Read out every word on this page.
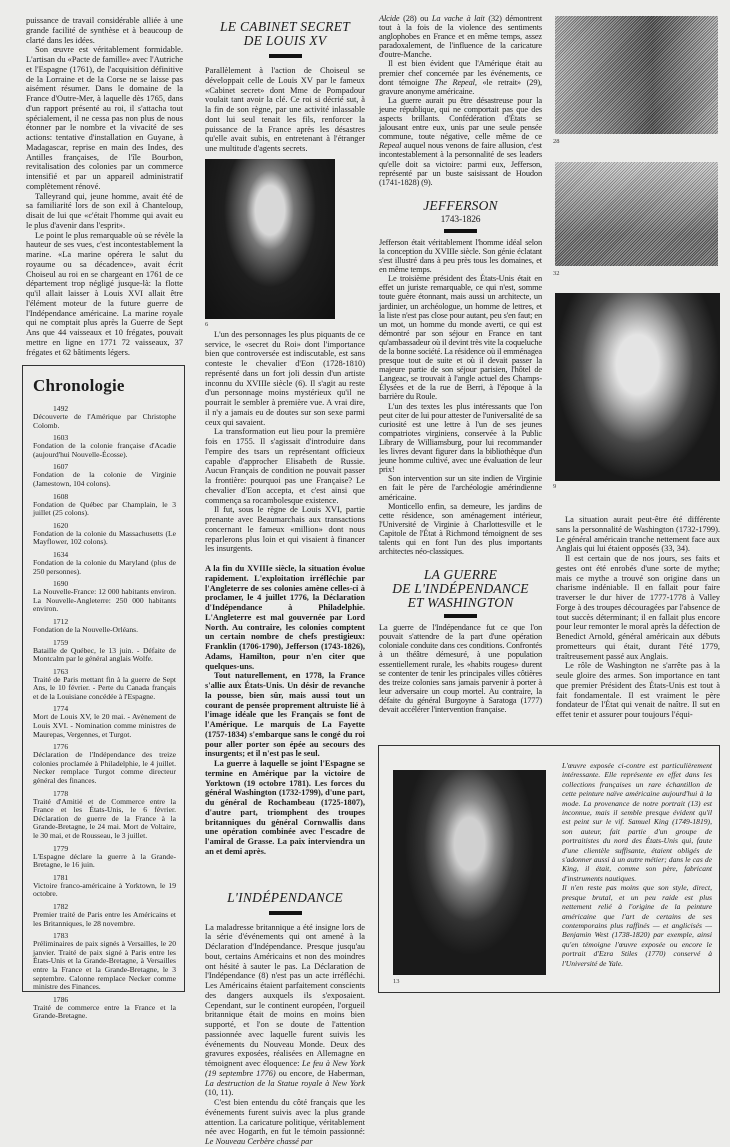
puissance de travail considérable alliée à une grande facilité de synthèse et à beaucoup de clarté dans les idées.

Son œuvre est véritablement formidable. L'artisan du «Pacte de famille» avec l'Autriche et l'Espagne (1761), de l'acquisition définitive de la Lorraine et de la Corse ne se laisse pas aisément résumer. Dans le domaine de la France d'Outre-Mer, à laquelle dès 1765, dans d'un rapport présenté au roi, il s'attacha tout spécialement, il ne cessa pas non plus de nous étonner par le nombre et la vivacité de ses actions: tentative d'installation en Guyane, à Madagascar, reprise en main des Indes, des Antilles françaises, de l'île Bourbon, revitalisation des colonies par un commerce intensifié et par un appareil administratif complètement rénové.

Talleyrand qui, jeune homme, avait été de sa familiarité lors de son exil à Chanteloup, disait de lui que «c'était l'homme qui avait eu le plus d'avenir dans l'esprit».

Le point le plus remarquable où se révèle la hauteur de ses vues, c'est incontestablement la marine. «La marine opérera le salut du royaume ou sa décadence», avait écrit Choiseul au roi en se chargeant en 1761 de ce département trop négligé jusque-là: la flotte qu'il allait laisser à Louis XVI allait être l'élément moteur de la future guerre de l'Indépendance américaine. La marine royale qui ne comptait plus après la Guerre de Sept Ans que 44 vaisseaux et 10 frégates, pouvait mettre en ligne en 1771 72 vaisseaux, 37 frégates et 62 bâtiments légers.

Chronologie
1492
Découverte de l'Amérique par Christophe Colomb.
1603
Fondation de la colonie française d'Acadie (aujourd'hui Nouvelle-Écosse).
1607
Fondation de la colonie de Virginie (Jamestown, 104 colons).
1608
Fondation de Québec par Champlain, le 3 juillet (25 colons).
1620
Fondation de la colonie du Massachusetts (Le Mayflower, 102 colons).
1634
Fondation de la colonie du Maryland (plus de 250 personnes).
1690
La Nouvelle-France: 12 000 habitants environ. La Nouvelle-Angleterre: 250 000 habitants environ.
1712
Fondation de la Nouvelle-Orléans.
1759
Bataille de Québec, le 13 juin. - Défaite de Montcalm par le général anglais Wolfe.
1763
Traité de Paris mettant fin à la guerre de Sept Ans, le 10 février. - Perte du Canada français et de la Louisiane concédée à l'Espagne.
1774
Mort de Louis XV, le 20 mai. - Avènement de Louis XVI. - Nomination comme ministres de Maurepas, Vergennes, et Turgot.
1776
Déclaration de l'Indépendance des treize colonies proclamée à Philadelphie, le 4 juillet. Necker remplace Turgot comme directeur général des finances.
1778
Traité d'Amitié et de Commerce entre la France et les États-Unis, le 6 février. Déclaration de guerre de la France à la Grande-Bretagne, le 24 mai. Mort de Voltaire, le 30 mai, et de Rousseau, le 3 juillet.
1779
L'Espagne déclare la guerre à la Grande-Bretagne, le 16 juin.
1781
Victoire franco-américaine à Yorktown, le 19 octobre.
1782
Premier traité de Paris entre les Américains et les Britanniques, le 28 novembre.
1783
Préliminaires de paix signés à Versailles, le 20 janvier. Traité de paix signé à Paris entre les États-Unis et la Grande-Bretagne, à Versailles entre la France et la Grande-Bretagne, le 3 septembre. Calonne remplace Necker comme ministre des Finances.
1786
Traité de commerce entre la France et la Grande-Bretagne.
LE CABINET SECRET
DE LOUIS XV

Parallèlement à l'action de Choiseul se développait celle de Louis XV par le fameux «Cabinet secret» dont Mme de Pompadour voulait tant avoir la clé. Ce roi si décrié sut, à la fin de son règne, par une activité inlassable dont lui seul tenait les fils, renforcer la puissance de la France après les désastres qu'elle avait subis, en entretenant à l'étranger une multitude d'agents secrets.

6

L'un des personnages les plus piquants de ce service, le «secret du Roi» dont l'importance bien que controversée est indiscutable, est sans conteste le chevalier d'Eon (1728-1810) représenté dans un fort joli dessin d'un artiste inconnu du XVIIIe siècle (6). Il s'agit au reste d'un personnage moins mystérieux qu'il ne pourrait le sembler à première vue. A vrai dire, il n'y a jamais eu de doutes sur son sexe parmi ceux qui savaient.

La transformation eut lieu pour la première fois en 1755. Il s'agissait d'introduire dans l'empire des tsars un représentant officieux capable d'approcher Elisabeth de Russie. Aucun Français de condition ne pouvait passer la frontière: pourquoi pas une Française? Le chevalier d'Eon accepta, et c'est ainsi que commença sa rocambolesque existence.

Il fut, sous le règne de Louis XVI, partie prenante avec Beaumarchais aux transactions concernant le fameux «million» dont nous reparlerons plus loin et qui visaient à financer les insurgents.

A la fin du XVIIIe siècle, la situation évolue rapidement. L'exploitation irréfléchie par l'Angleterre de ses colonies amène celles-ci à proclamer, le 4 juillet 1776, la Déclaration d'Indépendance à Philadelphie. L'Angleterre est mal gouvernée par Lord North. Au contraire, les colonies comptent un certain nombre de chefs prestigieux: Franklin (1706-1790), Jefferson (1743-1826), Adams, Hamilton, pour n'en citer que quelques-uns.

Tout naturellement, en 1778, la France s'allie aux États-Unis. Un désir de revanche la pousse, bien sûr, mais aussi tout un courant de pensée proprement altruiste lié à l'image idéale que les Français se font de l'Amérique. Le marquis de La Fayette (1757-1834) s'embarque sans le congé du roi pour aller porter son épée au secours des insurgents; et il n'est pas le seul.

La guerre à laquelle se joint l'Espagne se termine en Amérique par la victoire de Yorktown (19 octobre 1781). Les forces du général Washington (1732-1799), d'une part, du général de Rochambeau (1725-1807), d'autre part, triomphent des troupes britanniques du général Cornwallis dans une opération combinée avec l'escadre de l'amiral de Grasse. La paix interviendra un an et demi après.

L'INDÉPENDANCE

La maladresse britannique a été insigne lors de la série d'événements qui ont amené à la Déclaration d'Indépendance. Presque jusqu'au bout, certains Américains et non des moindres ont hésité à sauter le pas. La Déclaration de l'Indépendance (8) n'est pas un acte irréfléchi. Les Américains étaient parfaitement conscients des dangers auxquels ils s'exposaient. Cependant, sur le continent européen, l'orgueil britannique était de moins en moins bien supporté, et l'on se doute de l'attention passionnée avec laquelle furent suivis les événements du Nouveau Monde. Deux des gravures exposées, réalisées en Allemagne en témoignent avec éloquence: Le feu à New York (19 septembre 1776) ou encore, de Haberman, La destruction de la Statue royale à New York (10, 11).

C'est bien entendu du côté français que les événements furent suivis avec la plus grande attention. La caricature politique, véritablement née avec Hogarth, en fut le témoin passionné: Le Nouveau Cerbère chassé par

Alcide (28) ou La vache à lait (32) démontrent tout à la fois de la violence des sentiments anglophobes en France et en même temps, assez paradoxalement, de l'influence de la caricature d'outre-Manche.

Il est bien évident que l'Amérique était au premier chef concernée par les événements, ce dont témoigne The Repeal, «le retrait» (29), gravure anonyme américaine.

La guerre aurait pu être désastreuse pour la jeune république, qui ne comportait pas que des aspects brillants. Confédération d'États se jalousant entre eux, unis par une seule pensée commune, toute négative, celle même de ce Repeal auquel nous venons de faire allusion, c'est incontestablement à la personnalité de ses leaders qu'elle doit sa victoire: parmi eux, Jefferson, représenté par un buste saisissant de Houdon (1741-1828) (9).

JEFFERSON
1743-1826

Jefferson était véritablement l'homme idéal selon la conception du XVIIIe siècle. Son génie éclatant s'est illustré dans à peu près tous les domaines, et en même temps.

Le troisième président des États-Unis était en effet un juriste remarquable, ce qui n'est, somme toute guère étonnant, mais aussi un architecte, un jardinier, un archéologue, un homme de lettres, et la liste n'est pas close pour autant, peu s'en faut; en un mot, un homme du monde averti, ce qui est démontré par son séjour en France en tant qu'ambassadeur où il devint très vite la coqueluche de la bonne société. La résidence où il emménagea presque tout de suite et où il devait passer la majeure partie de son séjour parisien, l'hôtel de Langeac, se trouvait à l'angle actuel des Champs-Élysées et de la rue de Berri, à l'époque à la barrière du Roule.

L'un des textes les plus intéressants que l'on peut citer de lui pour attester de l'universalité de sa curiosité est une lettre à l'un de ses jeunes compatriotes virginiens, conservée à la Public Library de Williamsburg, pour lui recommander les livres devant figurer dans la bibliothèque d'un jeune homme cultivé, avec une évaluation de leur prix!

Son intervention sur un site indien de Virginie en fait le père de l'archéologie amérindienne américaine.

Monticello enfin, sa demeure, les jardins de cette résidence, son aménagement intérieur, l'Université de Virginie à Charlottesville et le Capitole de l'État à Richmond témoignent de ses talents qui en font l'un des plus importants architectes néo-classiques.

LA GUERRE
DE L'INDÉPENDANCE
ET WASHINGTON

La guerre de l'Indépendance fut ce que l'on pouvait s'attendre de la part d'une opération coloniale conduite dans ces conditions. Confrontés à un théâtre démesuré, à une population essentiellement rurale, les «habits rouges» durent se contenter de tenir les principales villes côtières des treize colonies sans jamais parvenir à porter à leur adversaire un coup mortel. Au contraire, la défaite du général Burgoyne à Saratoga (1777) devait accélérer l'intervention française.

28
32
9

La situation aurait peut-être été différente sans la personnalité de Washington (1732-1799). Le général américain tranche nettement face aux Anglais qui lui étaient opposés (33, 34).

Il est certain que de nos jours, ses faits et gestes ont été enrobés d'une sorte de mythe; mais ce mythe a trouvé son origine dans un charisme indéniable. Il en fallait pour faire traverser le dur hiver de 1777-1778 à Valley Forge à des troupes découragées par l'absence de tout succès déterminant; il en fallait plus encore pour leur remonter le moral après la défection de Benedict Arnold, général américain aux débuts prometteurs qui était, durant l'été 1779, traîtreusement passé aux Anglais.

Le rôle de Washington ne s'arrête pas à la seule gloire des armes. Son importance en tant que premier Président des États-Unis est tout à fait fondamentale. Il est vraiment le père fondateur de l'État qui venait de naître. Il sut en effet tenir et assurer pour toujours l'équi-

13

L'œuvre exposée ci-contre est particulièrement intéressante. Elle représente en effet dans les collections françaises un rare échantillon de cette peinture naïve américaine aujourd'hui à la mode. La provenance de notre portrait (13) est inconnue, mais il semble presque évident qu'il est peint sur le vif. Samuel King (1749-1819), son auteur, fait partie d'un groupe de portraitistes du nord des États-Unis qui, faute d'une clientèle suffisante, étaient obligés de s'adonner aussi à un autre métier; dans le cas de King, il était, comme son père, fabricant d'instruments nautiques.

Il n'en reste pas moins que son style, direct, presque brutal, et un peu raide est plus nettement relié à l'origine de la peinture américaine que l'art de certains de ses contemporains plus raffinés — et anglicisés — Benjamin West (1738-1820) par exemple, ainsi qu'en témoigne l'œuvre exposée ou encore le portrait d'Ezra Stiles (1770) conservé à l'Université de Yale.
